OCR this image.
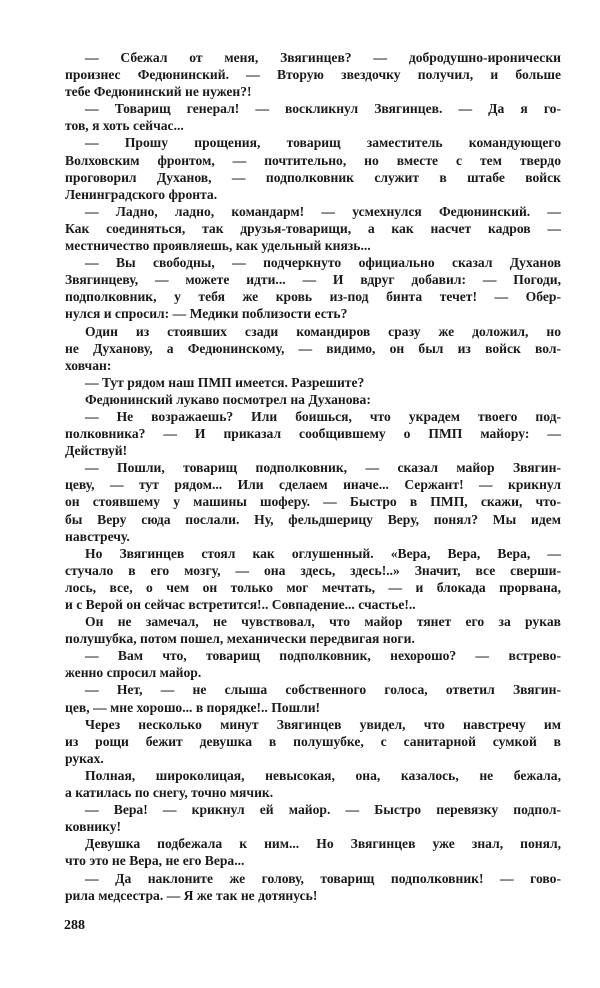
— Сбежал от меня, Звягинцев? — добродушно-иронически
произнес Федюнинский. — Вторую звездочку получил, и больше
тебе Федюнинский не нужен?!
— Товарищ генерал! — воскликнул Звягинцев. — Да я го-
тов, я хоть сейчас...
— Прошу прощения, товарищ заместитель командующего
Волховским фронтом, — почтительно, но вместе с тем твердо
проговорил Духанов, — подполковник служит в штабе войск
Ленинградского фронта.
— Ладно, ладно, командарм! — усмехнулся Федюнинский. —
Как соединяться, так друзья-товарищи, а как насчет кадров —
местничество проявляешь, как удельный князь...
— Вы свободны, — подчеркнуто официально сказал Духанов
Звягинцеву, — можете идти... — И вдруг добавил: — Погоди,
подполковник, у тебя же кровь из-под бинта течет! — Обер-
нулся и спросил: — Медики поблизости есть?
Один из стоявших сзади командиров сразу же доложил, но
не Духанову, а Федюнинскому, — видимо, он был из войск вол-
ховчан:
— Тут рядом наш ПМП имеется. Разрешите?
Федюнинский лукаво посмотрел на Духанова:
— Не возражаешь? Или боишься, что украдем твоего под-
полковника? — И приказал сообщившему о ПМП майору: —
Действуй!
— Пошли, товарищ подполковник, — сказал майор Звягин-
цеву, — тут рядом... Или сделаем иначе... Сержант! — крикнул
он стоявшему у машины шоферу. — Быстро в ПМП, скажи, что-
бы Веру сюда послали. Ну, фельдшерицу Веру, понял? Мы идем
навстречу.
Но Звягинцев стоял как оглушенный. «Вера, Вера, Вера, —
стучало в его мозгу, — она здесь, здесь!..» Значит, все сверши-
лось, все, о чем он только мог мечтать, — и блокада прорвана,
и с Верой он сейчас встретится!.. Совпадение... счастье!..
Он не замечал, не чувствовал, что майор тянет его за рукав
полушубка, потом пошел, механически передвигая ноги.
— Вам что, товарищ подполковник, нехорошо? — встрево-
женно спросил майор.
— Нет, — не слыша собственного голоса, ответил Звягин-
цев, — мне хорошо... в порядке!.. Пошли!
Через несколько минут Звягинцев увидел, что навстречу им
из рощи бежит девушка в полушубке, с санитарной сумкой в
руках.
Полная, широколицая, невысокая, она, казалось, не бежала,
а катилась по снегу, точно мячик.
— Вера! — крикнул ей майор. — Быстро перевязку подпол-
ковнику!
Девушка подбежала к ним... Но Звягинцев уже знал, понял,
что это не Вера, не его Вера...
— Да наклоните же голову, товарищ подполковник! — гово-
рила медсестра. — Я же так не дотянусь!
288
